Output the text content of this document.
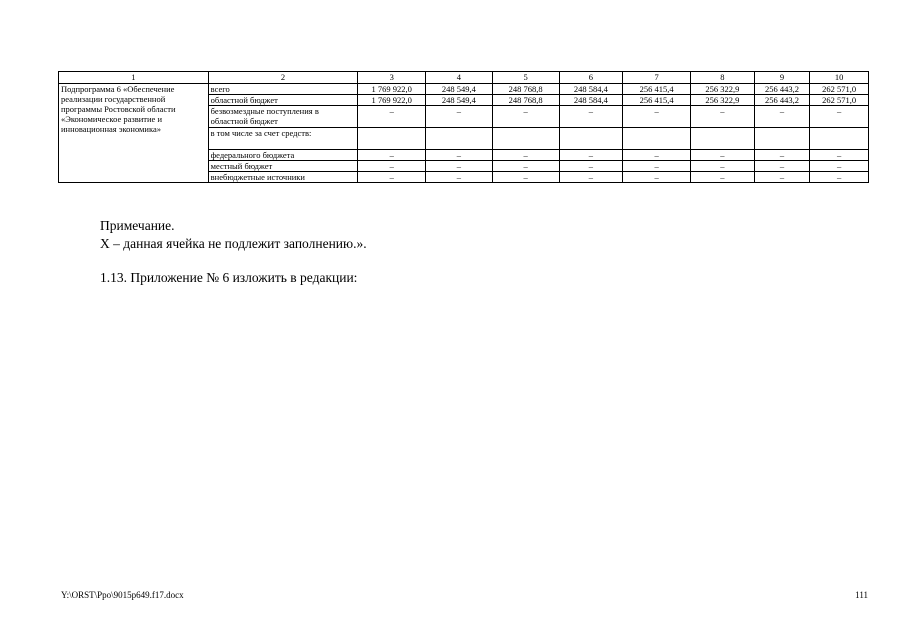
1	2	3	4	5	6	7	8	9	10
Подпрограмма 6 «Обеспечение реализации государственной программы Ростовской области «Экономическое развитие и инновационная экономика»	всего	1 769 922,0	248 549,4	248 768,8	248 584,4	256 415,4	256 322,9	256 443,2	262 571,0
	областной бюджет	1 769 922,0	248 549,4	248 768,8	248 584,4	256 415,4	256 322,9	256 443,2	262 571,0
	безвозмездные поступления в областной бюджет	–	–	–	–	–	–	–	–
	в том числе за счет средств:								
	федерального бюджета	–	–	–	–	–	–	–	–
	местный бюджет	–	–	–	–	–	–	–	–
	внебюджетные источники	–	–	–	–	–	–	–	–
Примечание.
Х – данная ячейка не подлежит заполнению.».
1.13. Приложение № 6 изложить в редакции:
Y:\ORST\Ppo\9015p649.f17.docx	111
